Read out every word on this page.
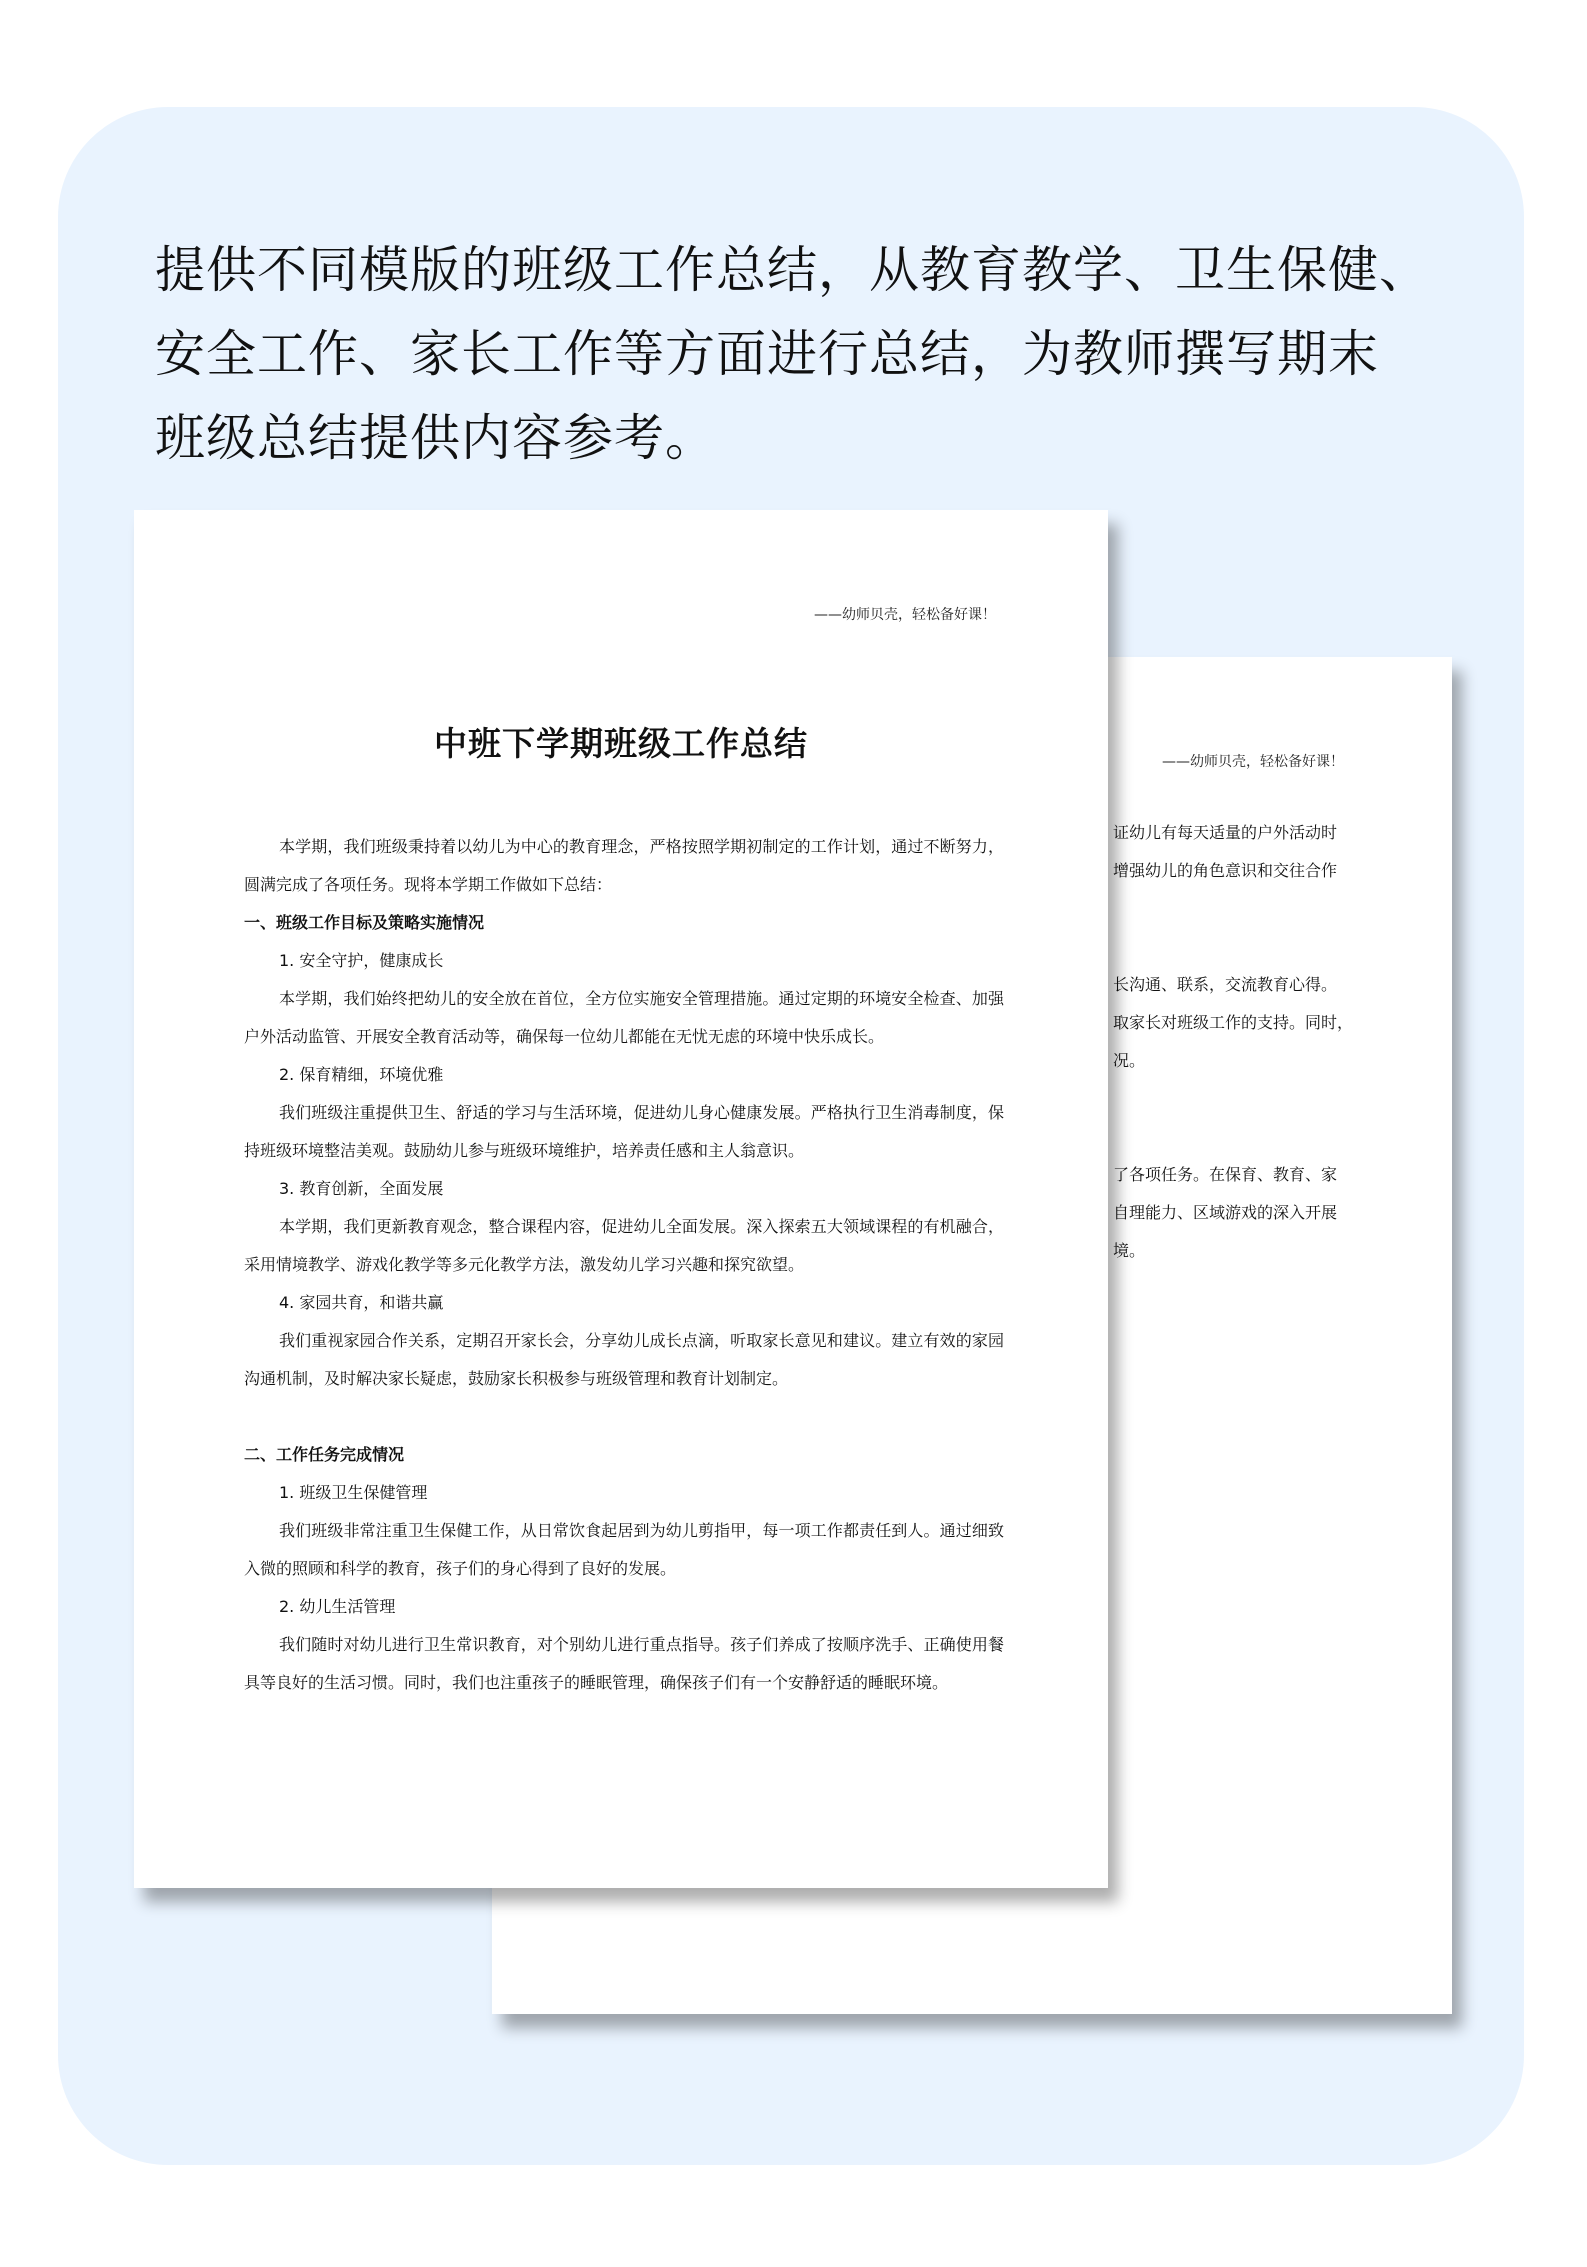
提供不同模版的班级工作总结，从教育教学、卫生保健、
安全工作、家长工作等方面进行总结，为教师撰写期末
班级总结提供内容参考。
——幼师贝壳，轻松备好课！
证幼儿有每天适量的户外活动时
增强幼儿的角色意识和交往合作
长沟通、联系，交流教育心得。
取家长对班级工作的支持。同时，
况。
了各项任务。在保育、教育、家
自理能力、区域游戏的深入开展
境。
——幼师贝壳，轻松备好课！
中班下学期班级工作总结
本学期，我们班级秉持着以幼儿为中心的教育理念，严格按照学期初制定的工作计划，通过不断努力，圆满完成了各项任务。现将本学期工作做如下总结：
一、班级工作目标及策略实施情况
1. 安全守护，健康成长
本学期，我们始终把幼儿的安全放在首位，全方位实施安全管理措施。通过定期的环境安全检查、加强户外活动监管、开展安全教育活动等，确保每一位幼儿都能在无忧无虑的环境中快乐成长。
2. 保育精细，环境优雅
我们班级注重提供卫生、舒适的学习与生活环境，促进幼儿身心健康发展。严格执行卫生消毒制度，保持班级环境整洁美观。鼓励幼儿参与班级环境维护，培养责任感和主人翁意识。
3. 教育创新，全面发展
本学期，我们更新教育观念，整合课程内容，促进幼儿全面发展。深入探索五大领域课程的有机融合，采用情境教学、游戏化教学等多元化教学方法，激发幼儿学习兴趣和探究欲望。
4. 家园共育，和谐共赢
我们重视家园合作关系，定期召开家长会，分享幼儿成长点滴，听取家长意见和建议。建立有效的家园沟通机制，及时解决家长疑虑，鼓励家长积极参与班级管理和教育计划制定。
二、工作任务完成情况
1. 班级卫生保健管理
我们班级非常注重卫生保健工作，从日常饮食起居到为幼儿剪指甲，每一项工作都责任到人。通过细致入微的照顾和科学的教育，孩子们的身心得到了良好的发展。
2. 幼儿生活管理
我们随时对幼儿进行卫生常识教育，对个别幼儿进行重点指导。孩子们养成了按顺序洗手、正确使用餐具等良好的生活习惯。同时，我们也注重孩子的睡眠管理，确保孩子们有一个安静舒适的睡眠环境。
